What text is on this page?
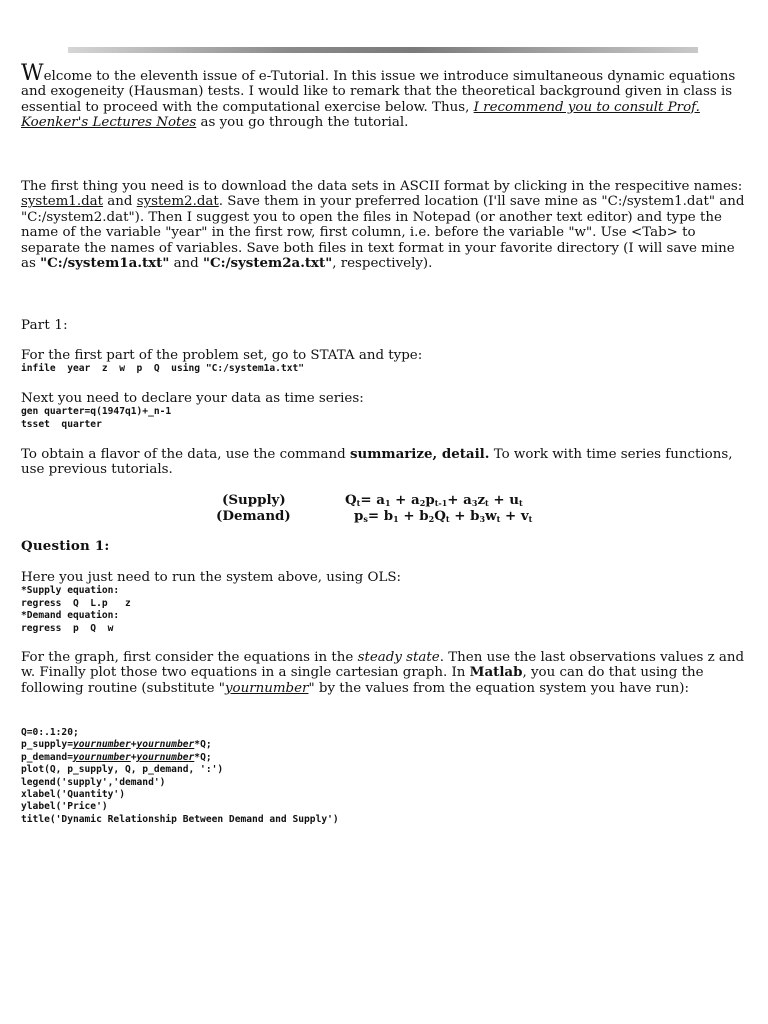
Welcome to the eleventh issue of e-Tutorial. In this issue we introduce simultaneous dynamic equations and exogeneity (Hausman) tests. I would like to remark that the theoretical background given in class is essential to proceed with the computational exercise below. Thus, I recommend you to consult Prof. Koenker's Lectures Notes as you go through the tutorial.

The first thing you need is to download the data sets in ASCII format by clicking in the respecitive names: system1.dat and system2.dat. Save them in your preferred location (I'll save mine as "C:/system1.dat" and "C:/system2.dat"). Then I suggest you to open the files in Notepad (or another text editor) and type the name of the variable "year" in the first row, first column, i.e. before the variable "w". Use <Tab> to separate the names of variables. Save both files in text format in your favorite directory (I will save mine as "C:/system1a.txt" and "C:/system2a.txt", respectively).

Part 1:

For the first part of the problem set, go to STATA and type:

infile  year  z  w  p  Q  using "C:/system1a.txt"

Next you need to declare your data as time series:

gen quarter=q(1947q1)+_n-1
tsset  quarter

To obtain a flavor of the data, use the command summarize, detail. To work with time series functions, use previous tutorials.

(Supply)	$Q_t= a_1 + a_2p_{t-1}+ a_3z_t + u_t$
(Demand)	$p_s= b_1 + b_2Q_t + b_3w_t + v_t$

Question 1:

Here you just need to run the system above, using OLS:

*Supply equation:
regress  Q  L.p   z
*Demand equation:
regress  p  Q  w

For the graph, first consider the equations in the steady state. Then use the last observations values z and w. Finally plot those two equations in a single cartesian graph. In Matlab, you can do that using the following routine (substitute "yournumber" by the values from the equation system you have run):

Q=0:.1:20;
p_supply=yournumber+yournumber*Q;
p_demand=yournumber+yournumber*Q;
plot(Q, p_supply, Q, p_demand, ':')
legend('supply','demand')
xlabel('Quantity')
ylabel('Price')
title('Dynamic Relationship Between Demand and Supply')
